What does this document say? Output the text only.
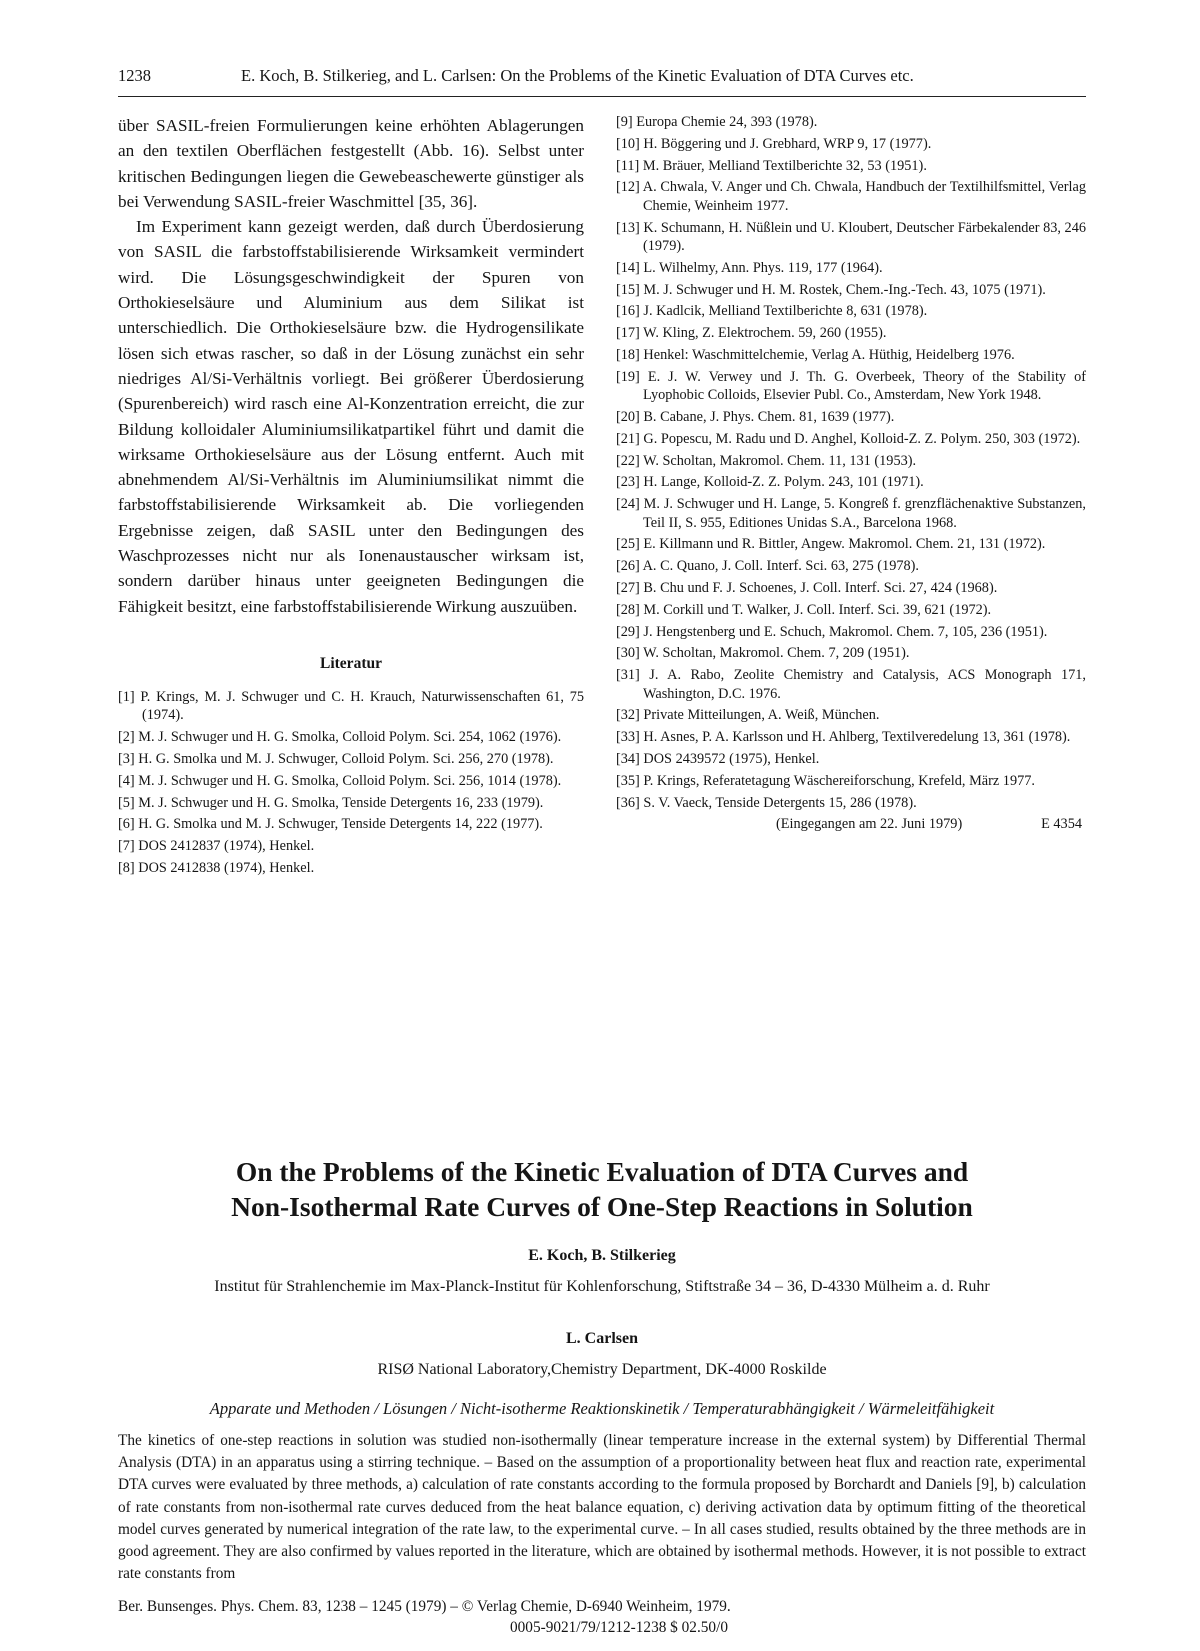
1238	E. Koch, B. Stilkerieg, and L. Carlsen: On the Problems of the Kinetic Evaluation of DTA Curves etc.

über SASIL-freien Formulierungen keine erhöhten Ablagerungen an den textilen Oberflächen festgestellt (Abb. 16). Selbst unter kritischen Bedingungen liegen die Gewebeaschewerte günstiger als bei Verwendung SASIL-freier Waschmittel [35, 36].

Im Experiment kann gezeigt werden, daß durch Überdosierung von SASIL die farbstoffstabilisierende Wirksamkeit vermindert wird. Die Lösungsgeschwindigkeit der Spuren von Orthokieselsäure und Aluminium aus dem Silikat ist unterschiedlich. Die Orthokieselsäure bzw. die Hydrogensilikate lösen sich etwas rascher, so daß in der Lösung zunächst ein sehr niedriges Al/Si-Verhältnis vorliegt. Bei größerer Überdosierung (Spurenbereich) wird rasch eine Al-Konzentration erreicht, die zur Bildung kolloidaler Aluminiumsilikatpartikel führt und damit die wirksame Orthokieselsäure aus der Lösung entfernt. Auch mit abnehmendem Al/Si-Verhältnis im Aluminiumsilikat nimmt die farbstoffstabilisierende Wirksamkeit ab. Die vorliegenden Ergebnisse zeigen, daß SASIL unter den Bedingungen des Waschprozesses nicht nur als Ionenaustauscher wirksam ist, sondern darüber hinaus unter geeigneten Bedingungen die Fähigkeit besitzt, eine farbstoffstabilisierende Wirkung auszuüben.

Literatur
[1] P. Krings, M. J. Schwuger und C. H. Krauch, Naturwissenschaften 61, 75 (1974).
[2] M. J. Schwuger und H. G. Smolka, Colloid Polym. Sci. 254, 1062 (1976).
[3] H. G. Smolka und M. J. Schwuger, Colloid Polym. Sci. 256, 270 (1978).
[4] M. J. Schwuger und H. G. Smolka, Colloid Polym. Sci. 256, 1014 (1978).
[5] M. J. Schwuger und H. G. Smolka, Tenside Detergents 16, 233 (1979).
[6] H. G. Smolka und M. J. Schwuger, Tenside Detergents 14, 222 (1977).
[7] DOS 2412837 (1974), Henkel.
[8] DOS 2412838 (1974), Henkel.
[9] Europa Chemie 24, 393 (1978).
[10] H. Böggering und J. Grebhard, WRP 9, 17 (1977).
[11] M. Bräuer, Melliand Textilberichte 32, 53 (1951).
[12] A. Chwala, V. Anger und Ch. Chwala, Handbuch der Textilhilfsmittel, Verlag Chemie, Weinheim 1977.
[13] K. Schumann, H. Nüßlein und U. Kloubert, Deutscher Färbekalender 83, 246 (1979).
[14] L. Wilhelmy, Ann. Phys. 119, 177 (1964).
[15] M. J. Schwuger und H. M. Rostek, Chem.-Ing.-Tech. 43, 1075 (1971).
[16] J. Kadlcik, Melliand Textilberichte 8, 631 (1978).
[17] W. Kling, Z. Elektrochem. 59, 260 (1955).
[18] Henkel: Waschmittelchemie, Verlag A. Hüthig, Heidelberg 1976.
[19] E. J. W. Verwey und J. Th. G. Overbeek, Theory of the Stability of Lyophobic Colloids, Elsevier Publ. Co., Amsterdam, New York 1948.
[20] B. Cabane, J. Phys. Chem. 81, 1639 (1977).
[21] G. Popescu, M. Radu und D. Anghel, Kolloid-Z. Z. Polym. 250, 303 (1972).
[22] W. Scholtan, Makromol. Chem. 11, 131 (1953).
[23] H. Lange, Kolloid-Z. Z. Polym. 243, 101 (1971).
[24] M. J. Schwuger und H. Lange, 5. Kongreß f. grenzflächenaktive Substanzen, Teil II, S. 955, Editiones Unidas S.A., Barcelona 1968.
[25] E. Killmann und R. Bittler, Angew. Makromol. Chem. 21, 131 (1972).
[26] A. C. Quano, J. Coll. Interf. Sci. 63, 275 (1978).
[27] B. Chu und F. J. Schoenes, J. Coll. Interf. Sci. 27, 424 (1968).
[28] M. Corkill und T. Walker, J. Coll. Interf. Sci. 39, 621 (1972).
[29] J. Hengstenberg und E. Schuch, Makromol. Chem. 7, 105, 236 (1951).
[30] W. Scholtan, Makromol. Chem. 7, 209 (1951).
[31] J. A. Rabo, Zeolite Chemistry and Catalysis, ACS Monograph 171, Washington, D.C. 1976.
[32] Private Mitteilungen, A. Weiß, München.
[33] H. Asnes, P. A. Karlsson und H. Ahlberg, Textilveredelung 13, 361 (1978).
[34] DOS 2439572 (1975), Henkel.
[35] P. Krings, Referatetagung Wäschereiforschung, Krefeld, März 1977.
[36] S. V. Vaeck, Tenside Detergents 15, 286 (1978).
(Eingegangen am 22. Juni 1979)	E 4354
On the Problems of the Kinetic Evaluation of DTA Curves and
Non-Isothermal Rate Curves of One-Step Reactions in Solution
E. Koch, B. Stilkerieg
Institut für Strahlenchemie im Max-Planck-Institut für Kohlenforschung, Stiftstraße 34 – 36, D-4330 Mülheim a. d. Ruhr
L. Carlsen
RISØ National Laboratory,Chemistry Department, DK-4000 Roskilde
Apparate und Methoden / Lösungen / Nicht-isotherme Reaktionskinetik / Temperaturabhängigkeit / Wärmeleitfähigkeit

The kinetics of one-step reactions in solution was studied non-isothermally (linear temperature increase in the external system) by Differential Thermal Analysis (DTA) in an apparatus using a stirring technique. – Based on the assumption of a proportionality between heat flux and reaction rate, experimental DTA curves were evaluated by three methods, a) calculation of rate constants according to the formula proposed by Borchardt and Daniels [9], b) calculation of rate constants from non-isothermal rate curves deduced from the heat balance equation, c) deriving activation data by optimum fitting of the theoretical model curves generated by numerical integration of the rate law, to the experimental curve. – In all cases studied, results obtained by the three methods are in good agreement. They are also confirmed by values reported in the literature, which are obtained by isothermal methods. However, it is not possible to extract rate constants from

Ber. Bunsenges. Phys. Chem. 83, 1238 – 1245 (1979) – © Verlag Chemie, D-6940 Weinheim, 1979.
0005-9021/79/1212-1238 $ 02.50/0
